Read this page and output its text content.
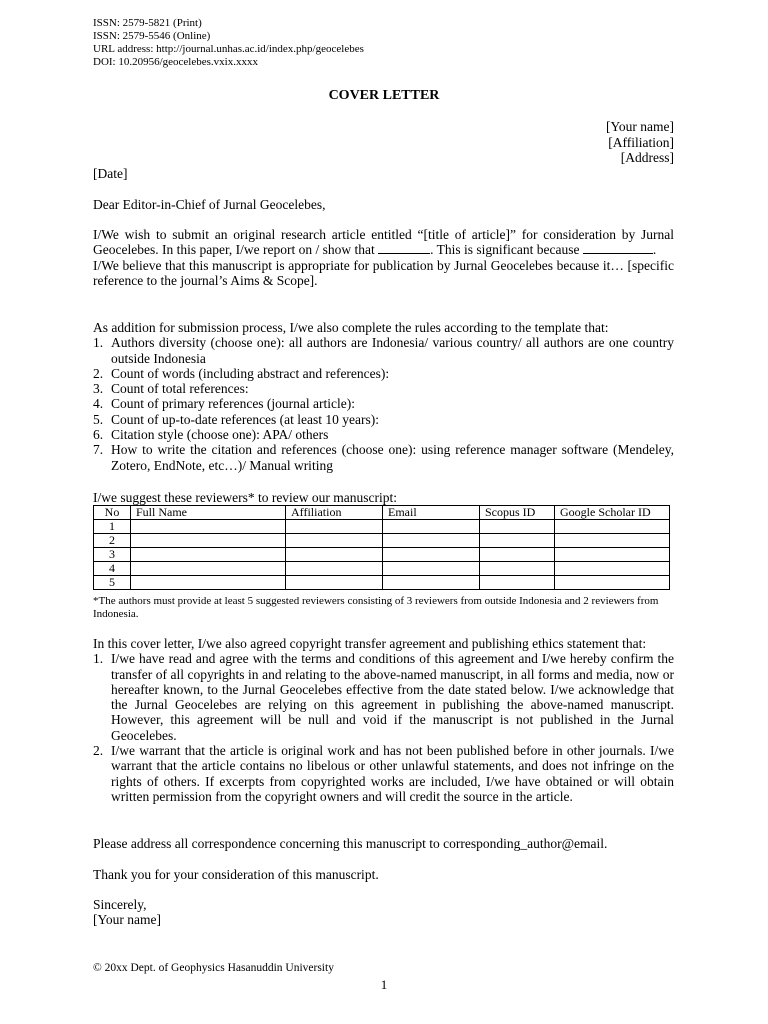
ISSN: 2579-5821 (Print)
ISSN: 2579-5546 (Online)
URL address: http://journal.unhas.ac.id/index.php/geocelebes
DOI: 10.20956/geocelebes.vxix.xxxx
COVER LETTER
[Your name]
[Affiliation]
[Address]
[Date]
Dear Editor-in-Chief of Jurnal Geocelebes,
I/We wish to submit an original research article entitled “[title of article]” for consideration by Jurnal Geocelebes. In this paper, I/we report on / show that	. This is significant because	.
I/We believe that this manuscript is appropriate for publication by Jurnal Geocelebes because it… [specific reference to the journal’s Aims & Scope].
As addition for submission process, I/we also complete the rules according to the template that:
1. Authors diversity (choose one): all authors are Indonesia/ various country/ all authors are one country outside Indonesia
2. Count of words (including abstract and references):
3. Count of total references:
4. Count of primary references (journal article):
5. Count of up-to-date references (at least 10 years):
6. Citation style (choose one): APA/ others
7. How to write the citation and references (choose one): using reference manager software (Mendeley, Zotero, EndNote, etc…)/ Manual writing
I/we suggest these reviewers* to review our manuscript:
No	Full Name	Affiliation	Email	Scopus ID	Google Scholar ID
1					
2					
3					
4					
5					
*The authors must provide at least 5 suggested reviewers consisting of 3 reviewers from outside Indonesia and 2 reviewers from Indonesia.
In this cover letter, I/we also agreed copyright transfer agreement and publishing ethics statement that:
1. I/we have read and agree with the terms and conditions of this agreement and I/we hereby confirm the transfer of all copyrights in and relating to the above-named manuscript, in all forms and media, now or hereafter known, to the Jurnal Geocelebes effective from the date stated below. I/we acknowledge that the Jurnal Geocelebes are relying on this agreement in publishing the above-named manuscript. However, this agreement will be null and void if the manuscript is not published in the Jurnal Geocelebes.
2. I/we warrant that the article is original work and has not been published before in other journals. I/we warrant that the article contains no libelous or other unlawful statements, and does not infringe on the rights of others. If excerpts from copyrighted works are included, I/we have obtained or will obtain written permission from the copyright owners and will credit the source in the article.
Please address all correspondence concerning this manuscript to corresponding_author@email.
Thank you for your consideration of this manuscript.
Sincerely,
[Your name]
© 20xx Dept. of Geophysics Hasanuddin University
1
